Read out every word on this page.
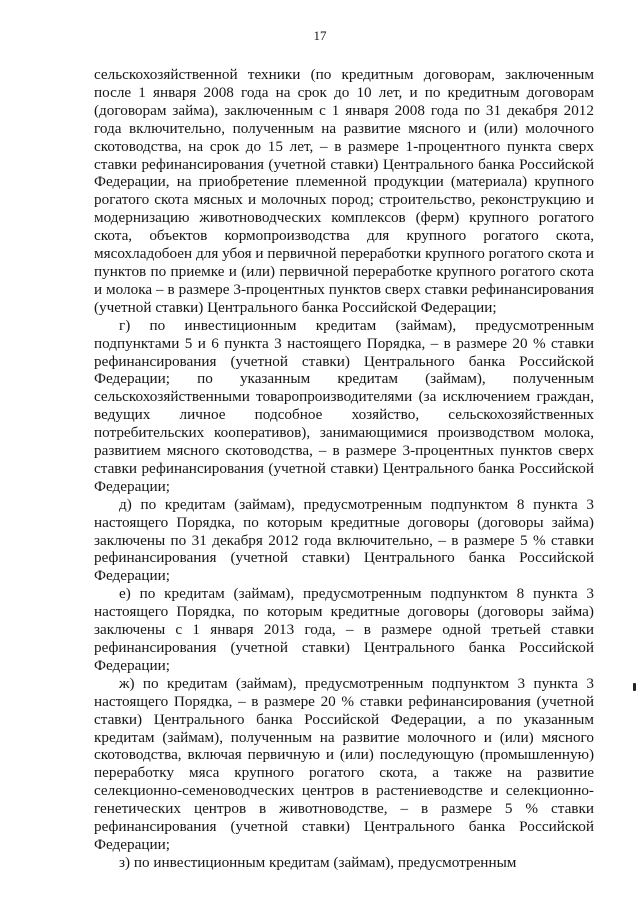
17

сельскохозяйственной техники (по кредитным договорам, заключенным после 1 января 2008 года на срок до 10 лет, и по кредитным договорам (договорам займа), заключенным с 1 января 2008 года по 31 декабря 2012 года включительно, полученным на развитие мясного и (или) молочного скотоводства, на срок до 15 лет, – в размере 1-процентного пункта сверх ставки рефинансирования (учетной ставки) Центрального банка Российской Федерации, на приобретение племенной продукции (материала) крупного рогатого скота мясных и молочных пород; строительство, реконструкцию и модернизацию животноводческих комплексов (ферм) крупного рогатого скота, объектов кормопроизводства для крупного рогатого скота, мясохладобоен для убоя и первичной переработки крупного рогатого скота и пунктов по приемке и (или) первичной переработке крупного рогатого скота и молока – в размере 3-процентных пунктов сверх ставки рефинансирования (учетной ставки) Центрального банка Российской Федерации;

г) по инвестиционным кредитам (займам), предусмотренным подпунктами 5 и 6 пункта 3 настоящего Порядка, – в размере 20 % ставки рефинансирования (учетной ставки) Центрального банка Российской Федерации; по указанным кредитам (займам), полученным сельскохозяйственными товаропроизводителями (за исключением граждан, ведущих личное подсобное хозяйство, сельскохозяйственных потребительских кооперативов), занимающимися производством молока, развитием мясного скотоводства, – в размере 3-процентных пунктов сверх ставки рефинансирования (учетной ставки) Центрального банка Российской Федерации;

д) по кредитам (займам), предусмотренным подпунктом 8 пункта 3 настоящего Порядка, по которым кредитные договоры (договоры займа) заключены по 31 декабря 2012 года включительно, – в размере 5 % ставки рефинансирования (учетной ставки) Центрального банка Российской Федерации;

е) по кредитам (займам), предусмотренным подпунктом 8 пункта 3 настоящего Порядка, по которым кредитные договоры (договоры займа) заключены с 1 января 2013 года, – в размере одной третьей ставки рефинансирования (учетной ставки) Центрального банка Российской Федерации;

ж) по кредитам (займам), предусмотренным подпунктом 3 пункта 3 настоящего Порядка, – в размере 20 % ставки рефинансирования (учетной ставки) Центрального банка Российской Федерации, а по указанным кредитам (займам), полученным на развитие молочного и (или) мясного скотоводства, включая первичную и (или) последующую (промышленную) переработку мяса крупного рогатого скота, а также на развитие селекционно-семеноводческих центров в растениеводстве и селекционно-генетических центров в животноводстве, – в размере 5 % ставки рефинансирования (учетной ставки) Центрального банка Российской Федерации;

з) по инвестиционным кредитам (займам), предусмотренным
